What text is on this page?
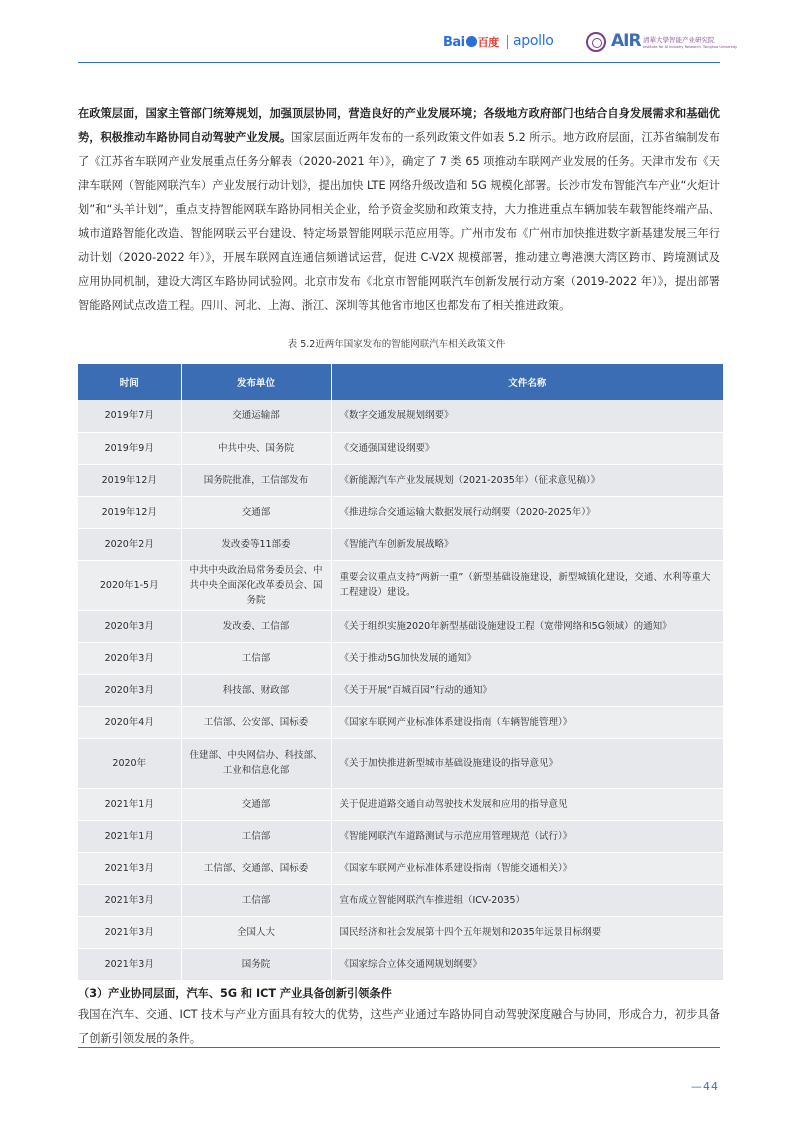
Bai 百度 apollo	AIR 清華大學智能产业研究院
Institute for AI Industry Research, Tsinghua University
在政策层面，国家主管部门统筹规划，加强顶层协同，营造良好的产业发展环境；各级地方政府部门也结合自身发展需求和基础优势，积极推动车路协同自动驾驶产业发展。国家层面近两年发布的一系列政策文件如表 5.2 所示。地方政府层面，江苏省编制发布了《江苏省车联网产业发展重点任务分解表（2020-2021 年）》，确定了 7 类 65 项推动车联网产业发展的任务。天津市发布《天津车联网（智能网联汽车）产业发展行动计划》，提出加快 LTE 网络升级改造和 5G 规模化部署。长沙市发布智能汽车产业“火炬计划”和“头羊计划”，重点支持智能网联车路协同相关企业，给予资金奖励和政策支持，大力推进重点车辆加装车载智能终端产品、城市道路智能化改造、智能网联云平台建设、特定场景智能网联示范应用等。广州市发布《广州市加快推进数字新基建发展三年行动计划（2020-2022 年）》，开展车联网直连通信频谱试运营，促进 C-V2X 规模部署，推动建立粤港澳大湾区跨市、跨境测试及应用协同机制，建设大湾区车路协同试验网。北京市发布《北京市智能网联汽车创新发展行动方案（2019-2022 年）》，提出部署智能路网试点改造工程。四川、河北、上海、浙江、深圳等其他省市地区也都发布了相关推进政策。
表 5.2近两年国家发布的智能网联汽车相关政策文件
时间	发布单位	文件名称
2019年7月	交通运输部	《数字交通发展规划纲要》
2019年9月	中共中央、国务院	《交通强国建设纲要》
2019年12月	国务院批准，工信部发布	《新能源汽车产业发展规划（2021-2035年）（征求意见稿）》
2019年12月	交通部	《推进综合交通运输大数据发展行动纲要（2020-2025年）》
2020年2月	发改委等11部委	《智能汽车创新发展战略》
2020年1-5月	中共中央政治局常务委员会、中共中央全面深化改革委员会、国务院	重要会议重点支持“两新一重”（新型基础设施建设，新型城镇化建设，交通、水利等重大工程建设）建设。
2020年3月	发改委、工信部	《关于组织实施2020年新型基础设施建设工程（宽带网络和5G领域）的通知》
2020年3月	工信部	《关于推动5G加快发展的通知》
2020年3月	科技部、财政部	《关于开展“百城百园”行动的通知》
2020年4月	工信部、公安部、国标委	《国家车联网产业标准体系建设指南（车辆智能管理）》
2020年	住建部、中央网信办、科技部、工业和信息化部	《关于加快推进新型城市基础设施建设的指导意见》
2021年1月	交通部	关于促进道路交通自动驾驶技术发展和应用的指导意见
2021年1月	工信部	《智能网联汽车道路测试与示范应用管理规范（试行）》
2021年3月	工信部、交通部、国标委	《国家车联网产业标准体系建设指南（智能交通相关）》
2021年3月	工信部	宣布成立智能网联汽车推进组（ICV-2035）
2021年3月	全国人大	国民经济和社会发展第十四个五年规划和2035年远景目标纲要
2021年3月	国务院	《国家综合立体交通网规划纲要》
（3）产业协同层面，汽车、5G 和 ICT 产业具备创新引领条件
我国在汽车、交通、ICT 技术与产业方面具有较大的优势，这些产业通过车路协同自动驾驶深度融合与协同，形成合力，初步具备了创新引领发展的条件。
—44
